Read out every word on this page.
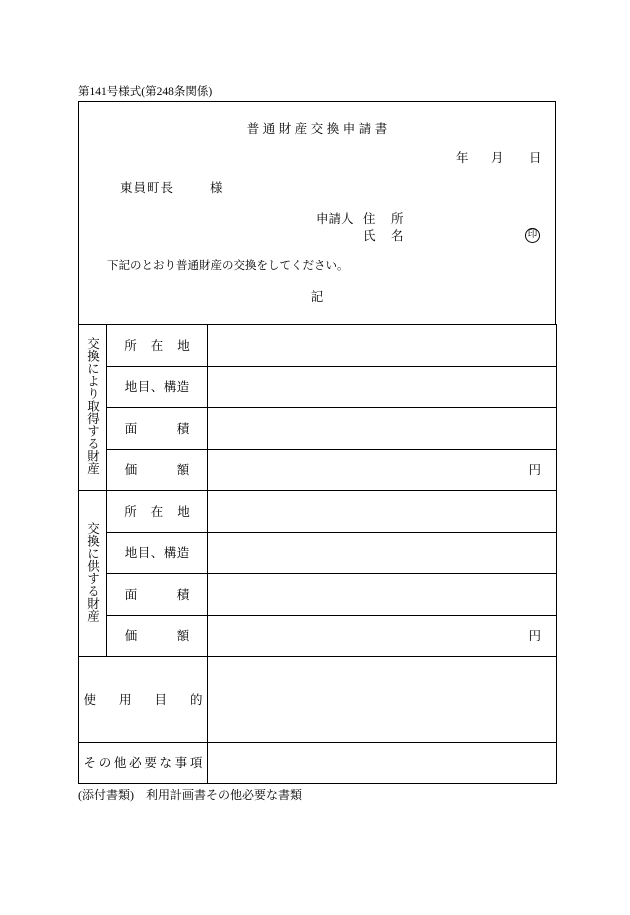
第141号様式(第248条関係)
普通財産交換申請書
年 月 日
東員町長	様
申請人 住 所
氏 名	印
下記のとおり普通財産の交換をしてください。
記
交換により取得する財産	所在地	
	地目、構造	
	面積	
	価額	円
交換に供する財産	所在地	
	地目、構造	
	面積	
	価額	円
使用目的		
その他必要な事項		
(添付書類)　利用計画書その他必要な書類
